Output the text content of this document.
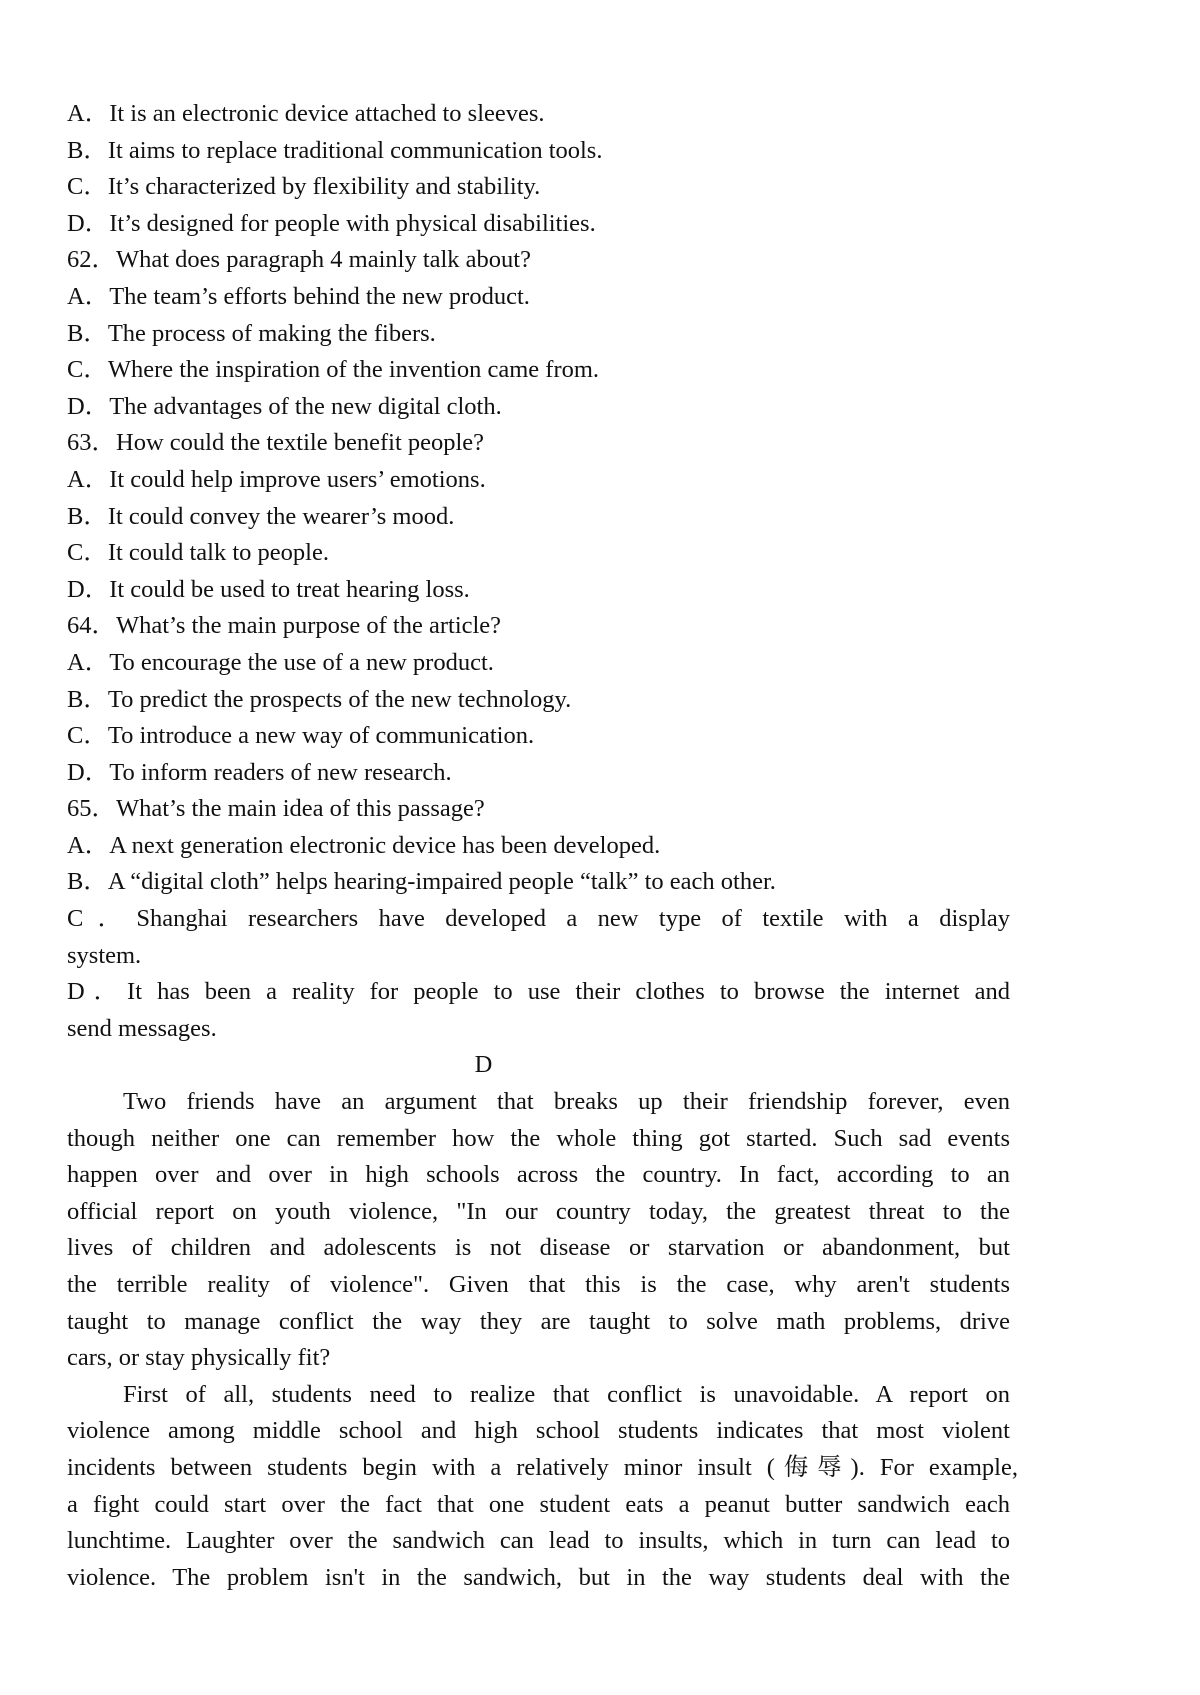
A．It is an electronic device attached to sleeves.
B．It aims to replace traditional communication tools.
C．It’s characterized by flexibility and stability.
D．It’s designed for people with physical disabilities.
62．What does paragraph 4 mainly talk about?
A．The team’s efforts behind the new product.
B．The process of making the fibers.
C．Where the inspiration of the invention came from.
D．The advantages of the new digital cloth.
63．How could the textile benefit people?
A．It could help improve users’ emotions.
B．It could convey the wearer’s mood.
C．It could talk to people.
D．It could be used to treat hearing loss.
64．What’s the main purpose of the article?
A．To encourage the use of a new product.
B．To predict the prospects of the new technology.
C．To introduce a new way of communication.
D．To inform readers of new research.
65．What’s the main idea of this passage?
A．A next generation electronic device has been developed.
B．A “digital cloth” helps hearing-impaired people “talk” to each other.
C．Shanghai researchers have developed a new type of textile with a display
system.
D．It has been a reality for people to use their clothes to browse the internet and
send messages.
D
Two friends have an argument that breaks up their friendship forever, even
though neither one can remember how the whole thing got started. Such sad events
happen over and over in high schools across the country. In fact, according to an
official report on youth violence, "In our country today, the greatest threat to the
lives of children and adolescents is not disease or starvation or abandonment, but
the terrible reality of violence". Given that this is the case, why aren't students
taught to manage conflict the way they are taught to solve math problems, drive
cars, or stay physically fit?
First of all, students need to realize that conflict is unavoidable. A report on
violence among middle school and high school students indicates that most violent
incidents between students begin with a relatively minor insult (侮辱). For example,
a fight could start over the fact that one student eats a peanut butter sandwich each
lunchtime. Laughter over the sandwich can lead to insults, which in turn can lead to
violence. The problem isn't in the sandwich, but in the way students deal with the
